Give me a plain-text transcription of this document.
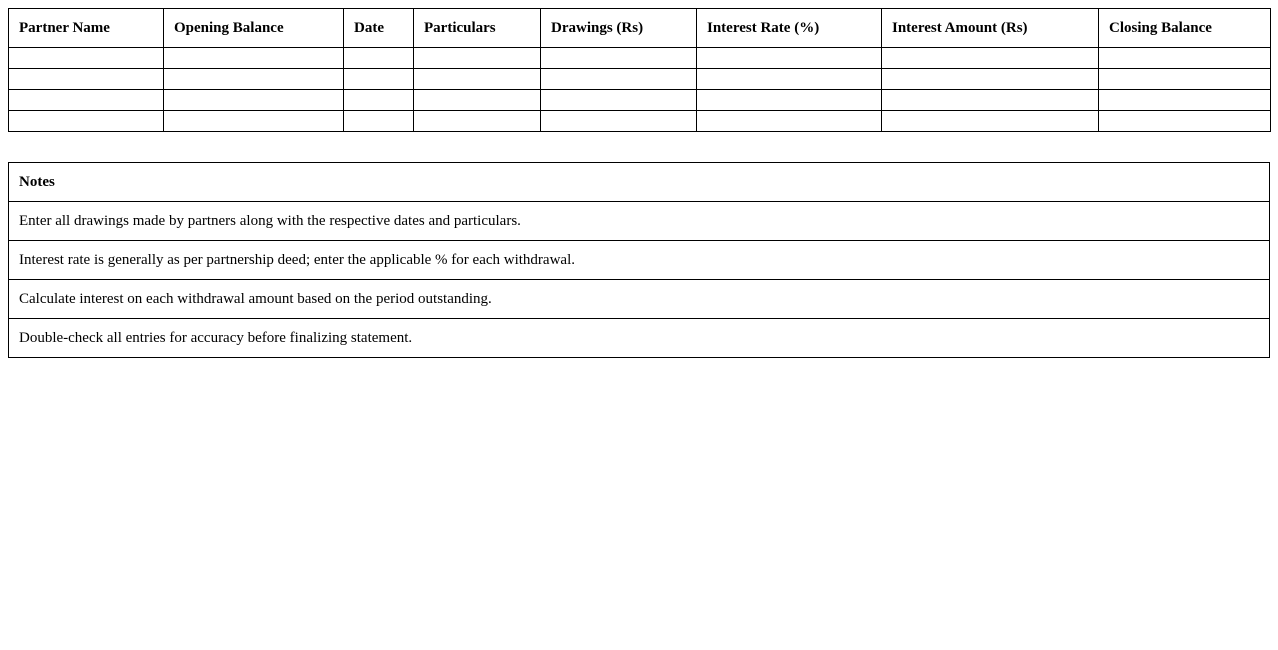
Partner Name	Opening Balance	Date	Particulars	Drawings (Rs)	Interest Rate (%)	Interest Amount (Rs)	Closing Balance

Notes
Enter all drawings made by partners along with the respective dates and particulars.
Interest rate is generally as per partnership deed; enter the applicable % for each withdrawal.
Calculate interest on each withdrawal amount based on the period outstanding.
Double-check all entries for accuracy before finalizing statement.
